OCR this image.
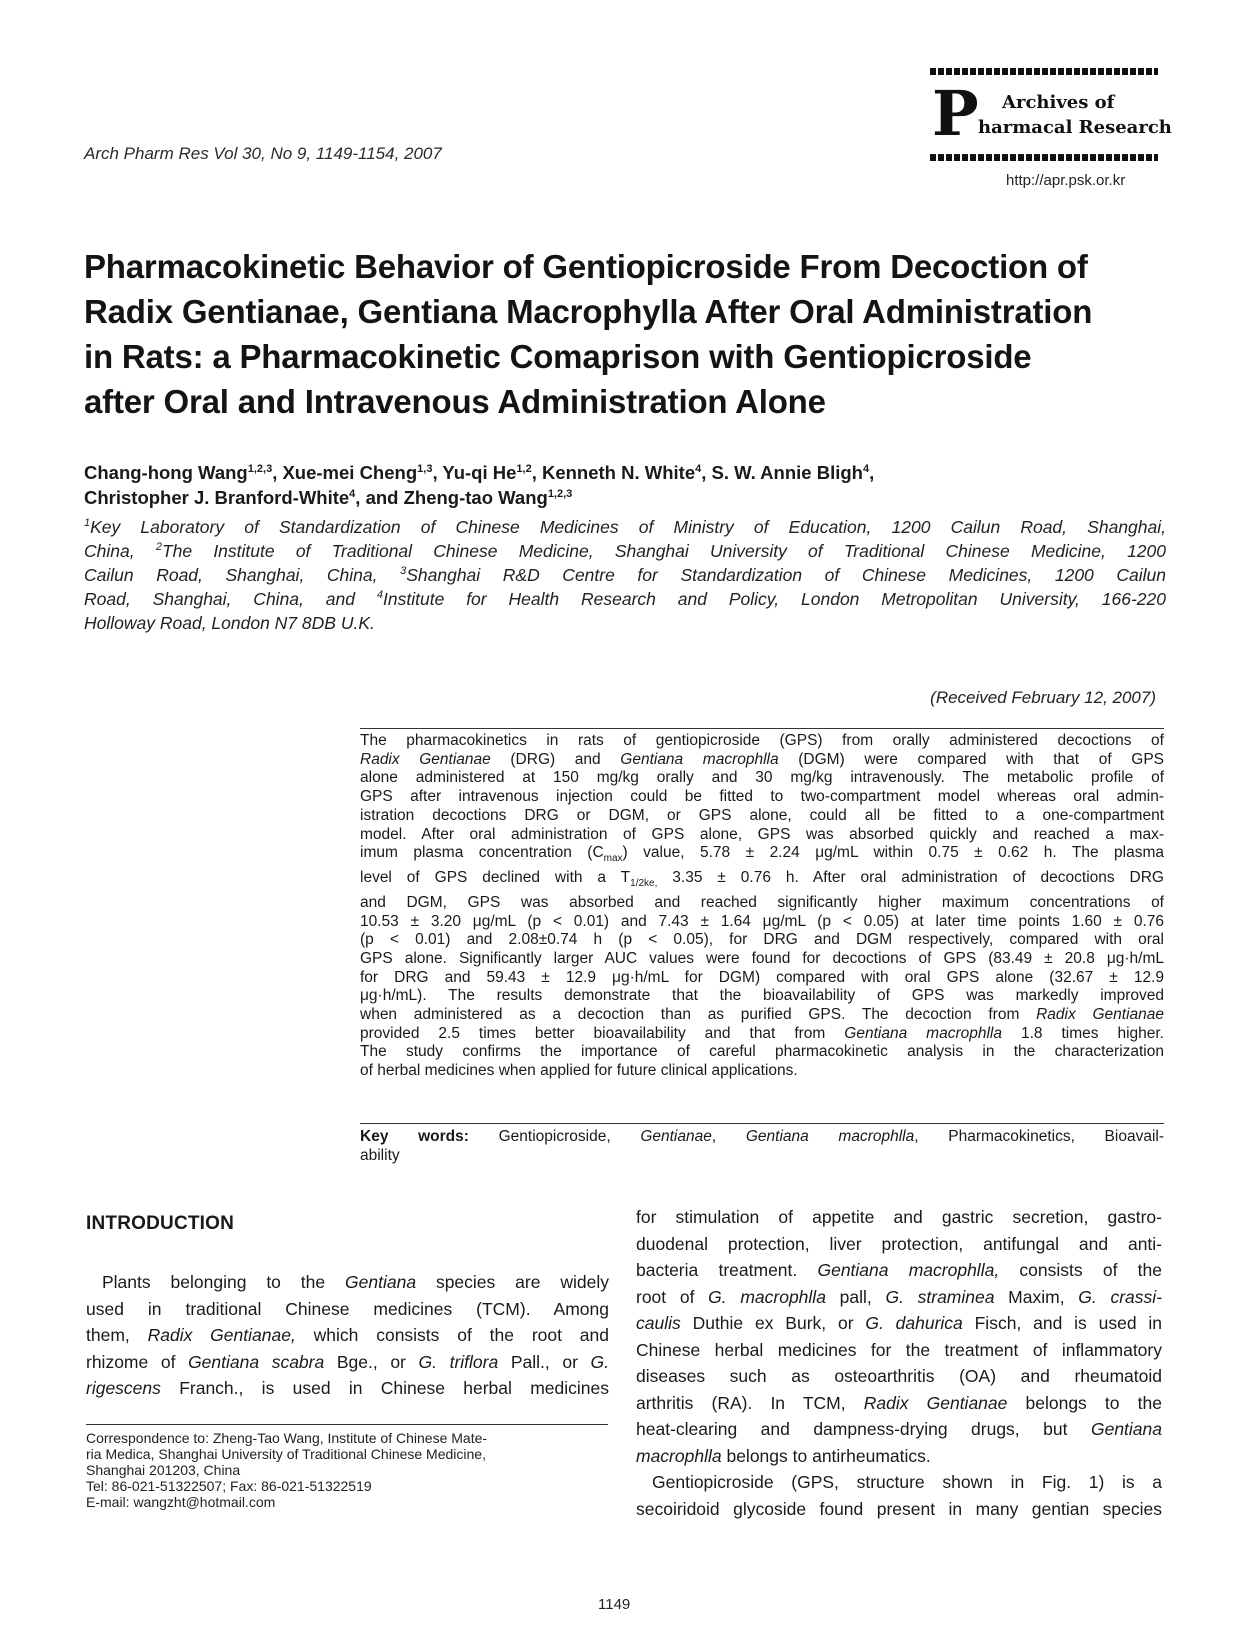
Arch Pharm Res Vol 30, No 9, 1149-1154, 2007
P Archives of
harmacal Research
http://apr.psk.or.kr
Pharmacokinetic Behavior of Gentiopicroside From Decoction of
Radix Gentianae, Gentiana Macrophylla After Oral Administration
in Rats: a Pharmacokinetic Comaprison with Gentiopicroside
after Oral and Intravenous Administration Alone
Chang-hong Wang$^{1,2,3}$, Xue-mei Cheng$^{1,3}$, Yu-qi He$^{1,2}$, Kenneth N. White$^4$, S. W. Annie Bligh$^4$,
Christopher J. Branford-White$^4$, and Zheng-tao Wang$^{1,2,3}$
$^1$Key Laboratory of Standardization of Chinese Medicines of Ministry of Education, 1200 Cailun Road, Shanghai,
China, $^2$The Institute of Traditional Chinese Medicine, Shanghai University of Traditional Chinese Medicine, 1200
Cailun Road, Shanghai, China, $^3$Shanghai R&D Centre for Standardization of Chinese Medicines, 1200 Cailun
Road, Shanghai, China, and $^4$Institute for Health Research and Policy, London Metropolitan University, 166-220
Holloway Road, London N7 8DB U.K.
(Received February 12, 2007)
The pharmacokinetics in rats of gentiopicroside (GPS) from orally administered decoctions of
Radix Gentianae (DRG) and Gentiana macrophlla (DGM) were compared with that of GPS
alone administered at 150 mg/kg orally and 30 mg/kg intravenously. The metabolic profile of
GPS after intravenous injection could be fitted to two-compartment model whereas oral admin-
istration decoctions DRG or DGM, or GPS alone, could all be fitted to a one-compartment
model. After oral administration of GPS alone, GPS was absorbed quickly and reached a max-
imum plasma concentration $(C_{max})$ value, 5.78 ± 2.24 μg/mL within 0.75 ± 0.62 h. The plasma
level of GPS declined with a $T_{1/2ke,}$ 3.35 ± 0.76 h. After oral administration of decoctions DRG
and DGM, GPS was absorbed and reached significantly higher maximum concentrations of
10.53 ± 3.20 μg/mL (p < 0.01) and 7.43 ± 1.64 μg/mL (p < 0.05) at later time points 1.60 ± 0.76
(p < 0.01) and 2.08±0.74 h (p < 0.05), for DRG and DGM respectively, compared with oral
GPS alone. Significantly larger AUC values were found for decoctions of GPS (83.49 ± 20.8 μg·h/mL
for DRG and 59.43 ± 12.9 μg·h/mL for DGM) compared with oral GPS alone (32.67 ± 12.9
μg·h/mL). The results demonstrate that the bioavailability of GPS was markedly improved
when administered as a decoction than as purified GPS. The decoction from Radix Gentianae
provided 2.5 times better bioavailability and that from Gentiana macrophlla 1.8 times higher.
The study confirms the importance of careful pharmacokinetic analysis in the characterization
of herbal medicines when applied for future clinical applications.
Key words: Gentiopicroside, Gentianae, Gentiana macrophlla, Pharmacokinetics, Bioavail-
ability
INTRODUCTION
Plants belonging to the Gentiana species are widely
used in traditional Chinese medicines (TCM). Among
them, Radix Gentianae, which consists of the root and
rhizome of Gentiana scabra Bge., or G. triflora Pall., or G.
rigescens Franch., is used in Chinese herbal medicines
Correspondence to: Zheng-Tao Wang, Institute of Chinese Mate-
ria Medica, Shanghai University of Traditional Chinese Medicine,
Shanghai 201203, China
Tel: 86-021-51322507; Fax: 86-021-51322519
E-mail: wangzht@hotmail.com
for stimulation of appetite and gastric secretion, gastro-
duodenal protection, liver protection, antifungal and anti-
bacteria treatment. Gentiana macrophlla, consists of the
root of G. macrophlla pall, G. straminea Maxim, G. crassi-
caulis Duthie ex Burk, or G. dahurica Fisch, and is used in
Chinese herbal medicines for the treatment of inflammatory
diseases such as osteoarthritis (OA) and rheumatoid
arthritis (RA). In TCM, Radix Gentianae belongs to the
heat-clearing and dampness-drying drugs, but Gentiana
macrophlla belongs to antirheumatics.
Gentiopicroside (GPS, structure shown in Fig. 1) is a
secoiridoid glycoside found present in many gentian species
1149
